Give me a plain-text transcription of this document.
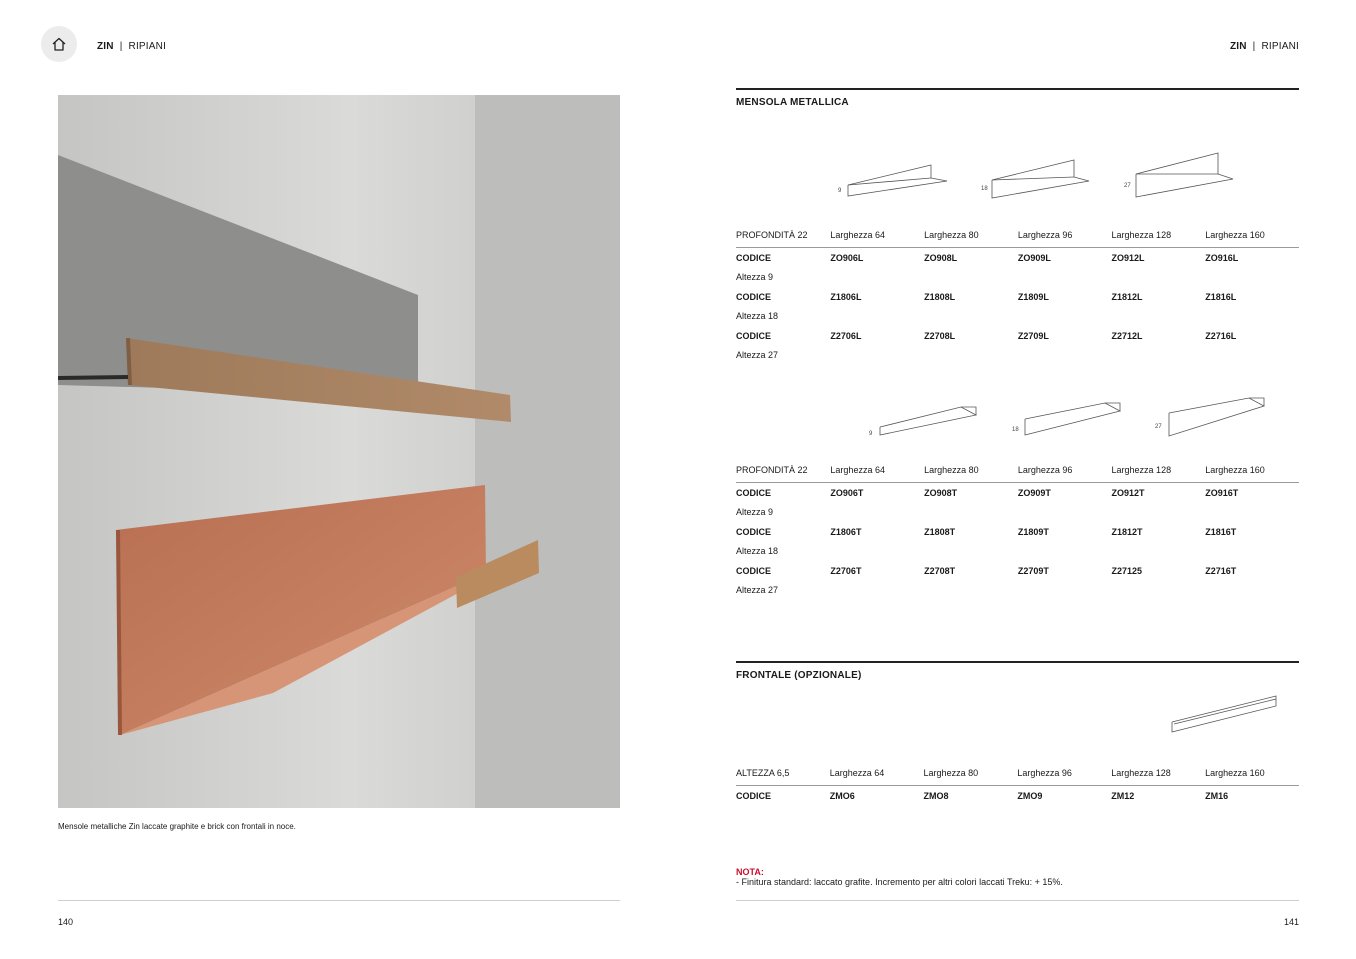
ZIN | RIPIANI	ZIN | RIPIANI
Mensole metalliche Zin laccate graphite e brick con frontali in noce.
140
MENSOLA METALLICA
9	18	27
PROFONDITÀ 22	Larghezza 64	Larghezza 80	Larghezza 96	Larghezza 128	Larghezza 160
CODICE	ZO906L	ZO908L	ZO909L	ZO912L	ZO916L
Altezza 9					
CODICE	Z1806L	Z1808L	Z1809L	Z1812L	Z1816L
Altezza 18					
CODICE	Z2706L	Z2708L	Z2709L	Z2712L	Z2716L
Altezza 27					
9
18	27
PROFONDITÀ 22	Larghezza 64	Larghezza 80	Larghezza 96	Larghezza 128	Larghezza 160
CODICE	ZO906T	ZO908T	ZO909T	ZO912T	ZO916T
Altezza 9					
CODICE	Z1806T	Z1808T	Z1809T	Z1812T	Z1816T
Altezza 18					
CODICE	Z2706T	Z2708T	Z2709T	Z27125	Z2716T
Altezza 27					
FRONTALE (OPZIONALE)
ALTEZZA 6,5	Larghezza 64	Larghezza 80	Larghezza 96	Larghezza 128	Larghezza 160
CODICE	ZMO6	ZMO8	ZMO9	ZM12	ZM16
NOTA:
- Finitura standard: laccato grafite. Incremento per altri colori laccati Treku: + 15%.
141
